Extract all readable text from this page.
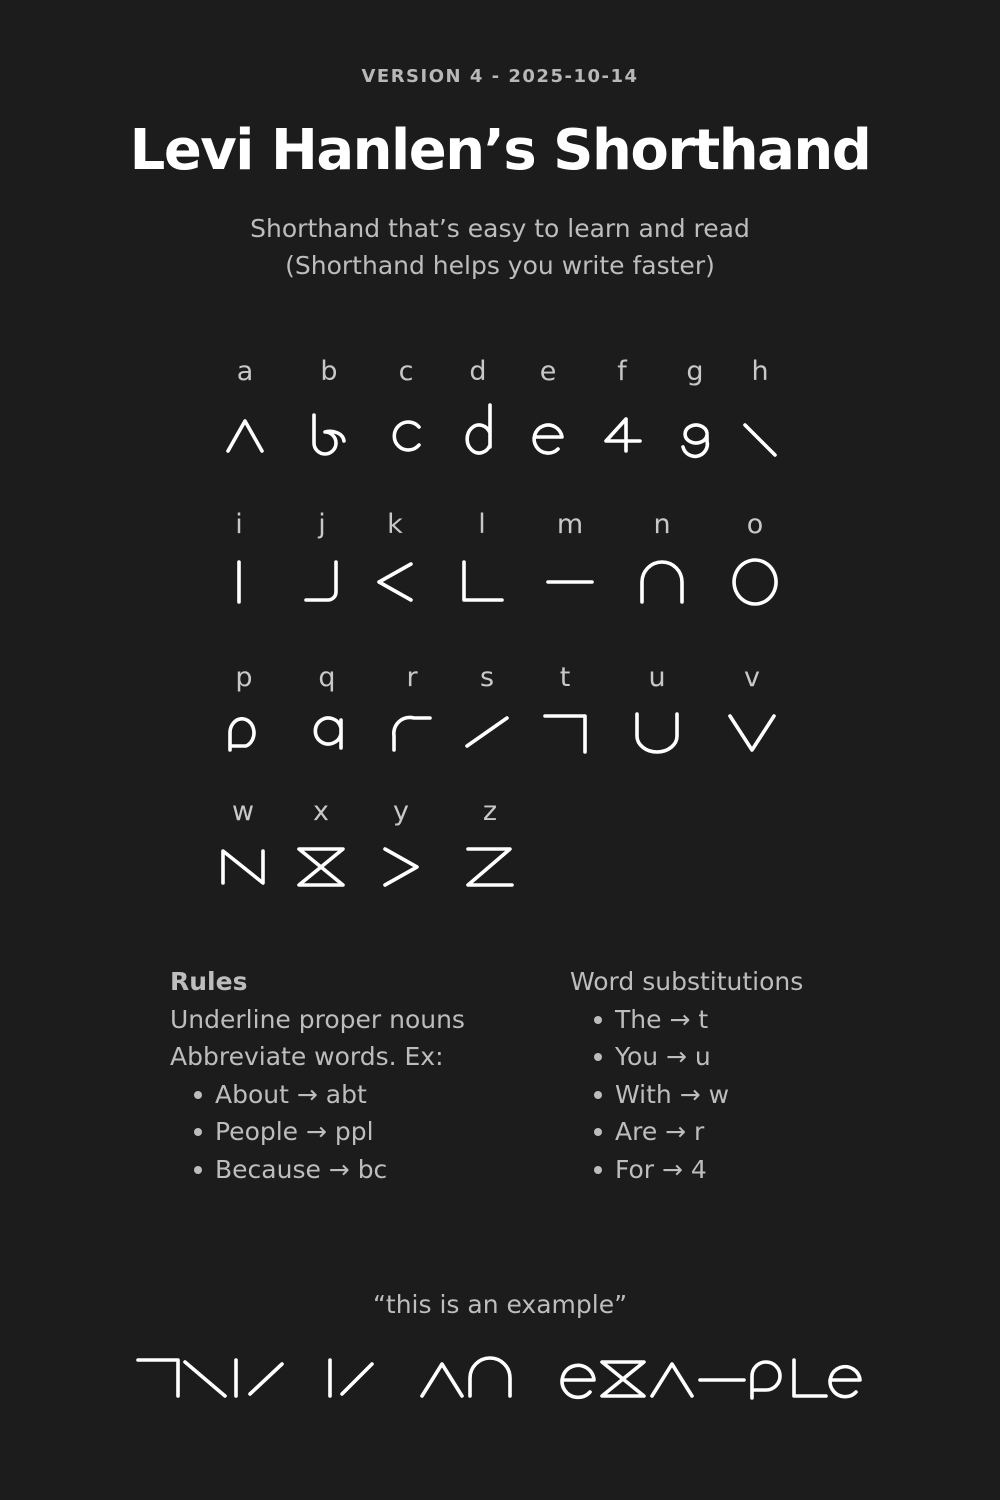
VERSION 4 - 2025-10-14
Levi Hanlen’s Shorthand
Shorthand that’s easy to learn and read
(Shorthand helps you write faster)
a	b	c	d	e	f	g	h
i	j	k	l	m	n	o
p	q	r	s	t	u	v
w	x	y	z
Rules
Underline proper nouns
Abbreviate words. Ex:
About → abt
People → ppl
Because → bc
Word substitutions
The → t
You → u
With → w
Are → r
For → 4
“this is an example”
